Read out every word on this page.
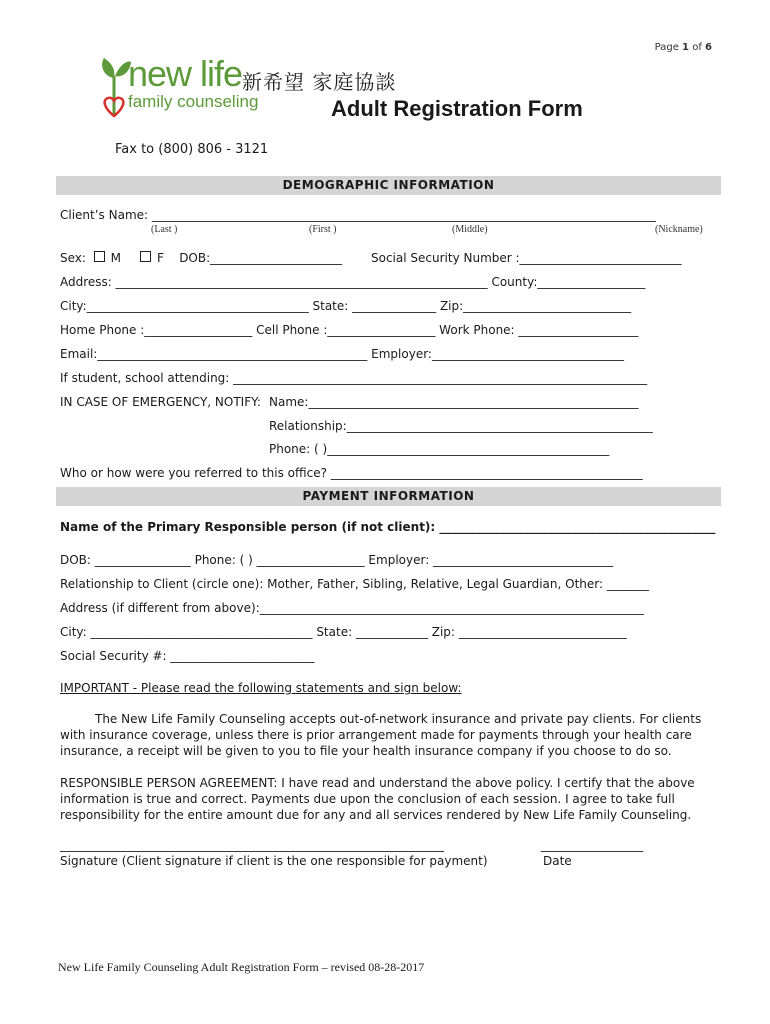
Page 1 of 6
new life
family counseling
新希望 家庭協談
Adult Registration Form
Fax to (800) 806 - 3121
DEMOGRAPHIC INFORMATION
Client’s Name: ____________________________________________________________________________________
(Last )	(First )	(Middle)	(Nickname)
Sex: M	F DOB:______________________ Social Security Number :___________________________
Address: ______________________________________________________________ County:__________________
City:_____________________________________ State: ______________ Zip:____________________________
Home Phone :__________________ Cell Phone :__________________ Work Phone: ____________________
Email:_____________________________________________ Employer:________________________________
If student, school attending: _____________________________________________________________________
IN CASE OF EMERGENCY, NOTIFY: Name:_______________________________________________________
Relationship:___________________________________________________
Phone: ( )_______________________________________________
Who or how were you referred to this office? ____________________________________________________
PAYMENT INFORMATION
Name of the Primary Responsible person (if not client): ______________________________________________
DOB: ________________ Phone: ( ) __________________ Employer: ______________________________
Relationship to Client (circle one): Mother, Father, Sibling, Relative, Legal Guardian, Other: _______
Address (if different from above):________________________________________________________________
City: _____________________________________ State: ____________ Zip: ____________________________
Social Security #: ________________________
IMPORTANT - Please read the following statements and sign below:
The New Life Family Counseling accepts out-of-network insurance and private pay clients. For clients with insurance coverage, unless there is prior arrangement made for payments through your health care insurance, a receipt will be given to you to file your health insurance company if you choose to do so.
RESPONSIBLE PERSON AGREEMENT: I have read and understand the above policy. I certify that the above information is true and correct. Payments due upon the conclusion of each session. I agree to take full responsibility for the entire amount due for any and all services rendered by New Life Family Counseling.
________________________________________________________________
Signature (Client signature if client is the one responsible for payment)
_________________
Date
New Life Family Counseling Adult Registration Form – revised 08-28-2017
